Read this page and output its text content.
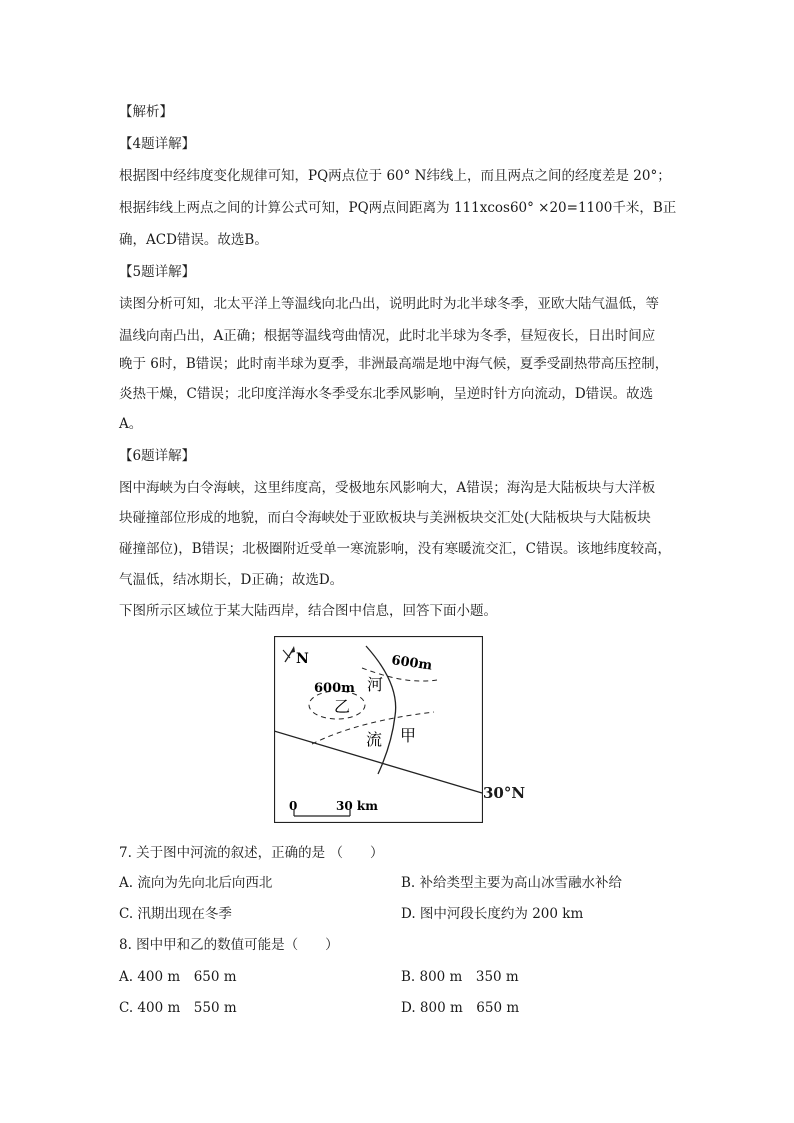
【解析】
【4题详解】
根据图中经纬度变化规律可知，PQ两点位于 60° N纬线上，而且两点之间的经度差是 20°；
根据纬线上两点之间的计算公式可知，PQ两点间距离为 111xcos60° ×20=1100千米，B正
确，ACD错误。故选B。
【5题详解】
读图分析可知，北太平洋上等温线向北凸出，说明此时为北半球冬季，亚欧大陆气温低，等
温线向南凸出，A正确；根据等温线弯曲情况，此时北半球为冬季，昼短夜长，日出时间应
晚于 6时，B错误；此时南半球为夏季，非洲最高端是地中海气候，夏季受副热带高压控制，
炎热干燥，C错误；北印度洋海水冬季受东北季风影响，呈逆时针方向流动，D错误。故选
A。
【6题详解】
图中海峡为白令海峡，这里纬度高，受极地东风影响大，A错误；海沟是大陆板块与大洋板
块碰撞部位形成的地貌，而白令海峡处于亚欧板块与美洲板块交汇处(大陆板块与大陆板块
碰撞部位)，B错误；北极圈附近受单一寒流影响，没有寒暖流交汇，C错误。该地纬度较高，
气温低，结冰期长，D正确；故选D。
下图所示区域位于某大陆西岸，结合图中信息，回答下面小题。
N	600m
600m 河
乙
流 甲
0	30 km
30°N
7. 关于图中河流的叙述，正确的是 （　　）
A. 流向为先向北后向西北	B. 补给类型主要为高山冰雪融水补给
C. 汛期出现在冬季	D. 图中河段长度约为 200 km
8. 图中甲和乙的数值可能是（　　）
A. 400 m　650 m	B. 800 m　350 m
C. 400 m　550 m	D. 800 m　650 m
